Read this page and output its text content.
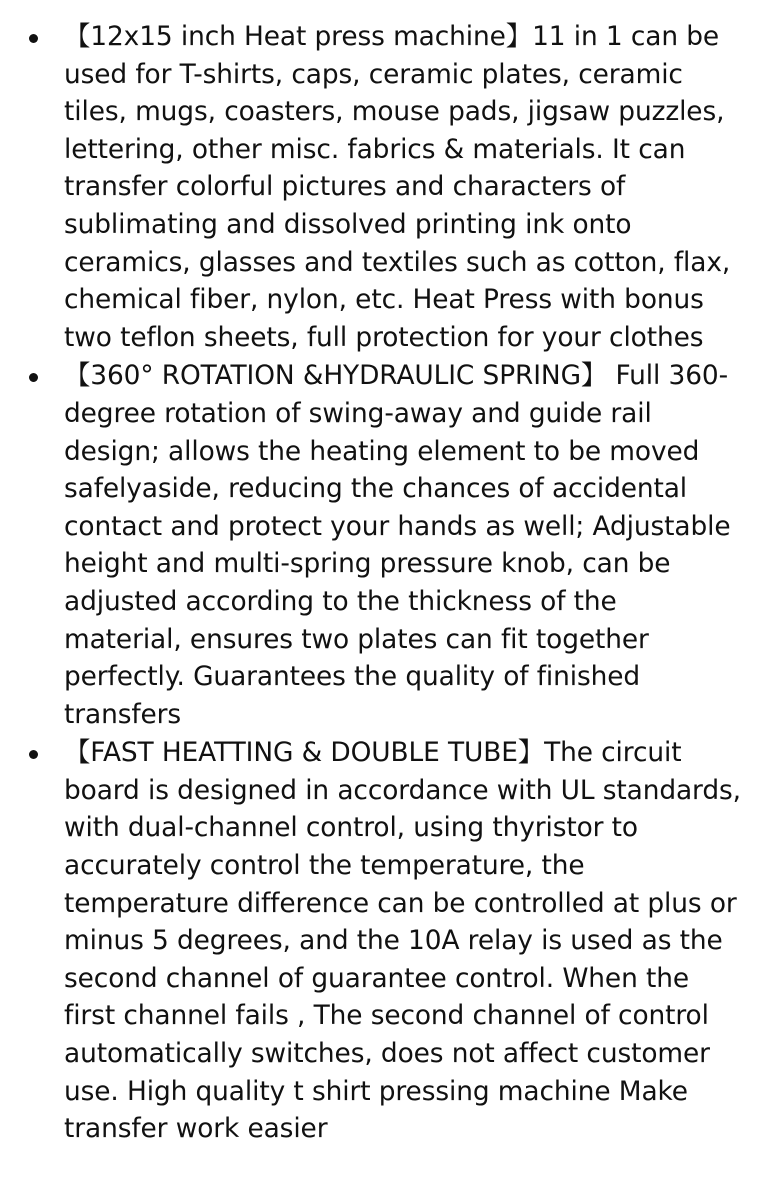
【12x15 inch Heat press machine】11 in 1 can be used for T-shirts, caps, ceramic plates, ceramic tiles, mugs, coasters, mouse pads, jigsaw puzzles, lettering, other misc. fabrics & materials. It can transfer colorful pictures and characters of sublimating and dissolved printing ink onto ceramics, glasses and textiles such as cotton, flax, chemical fiber, nylon, etc. Heat Press with bonus two teflon sheets, full protection for your clothes
【360° ROTATION &HYDRAULIC SPRING】 Full 360-degree rotation of swing-away and guide rail design; allows the heating element to be moved safelyaside, reducing the chances of accidental contact and protect your hands as well; Adjustable height and multi-spring pressure knob, can be adjusted according to the thickness of the material, ensures two plates can fit together perfectly. Guarantees the quality of finished transfers
【FAST HEATTING & DOUBLE TUBE】The circuit board is designed in accordance with UL standards, with dual-channel control, using thyristor to accurately control the temperature, the temperature difference can be controlled at plus or minus 5 degrees, and the 10A relay is used as the second channel of guarantee control. When the first channel fails , The second channel of control automatically switches, does not affect customer use. High quality t shirt pressing machine Make transfer work easier
